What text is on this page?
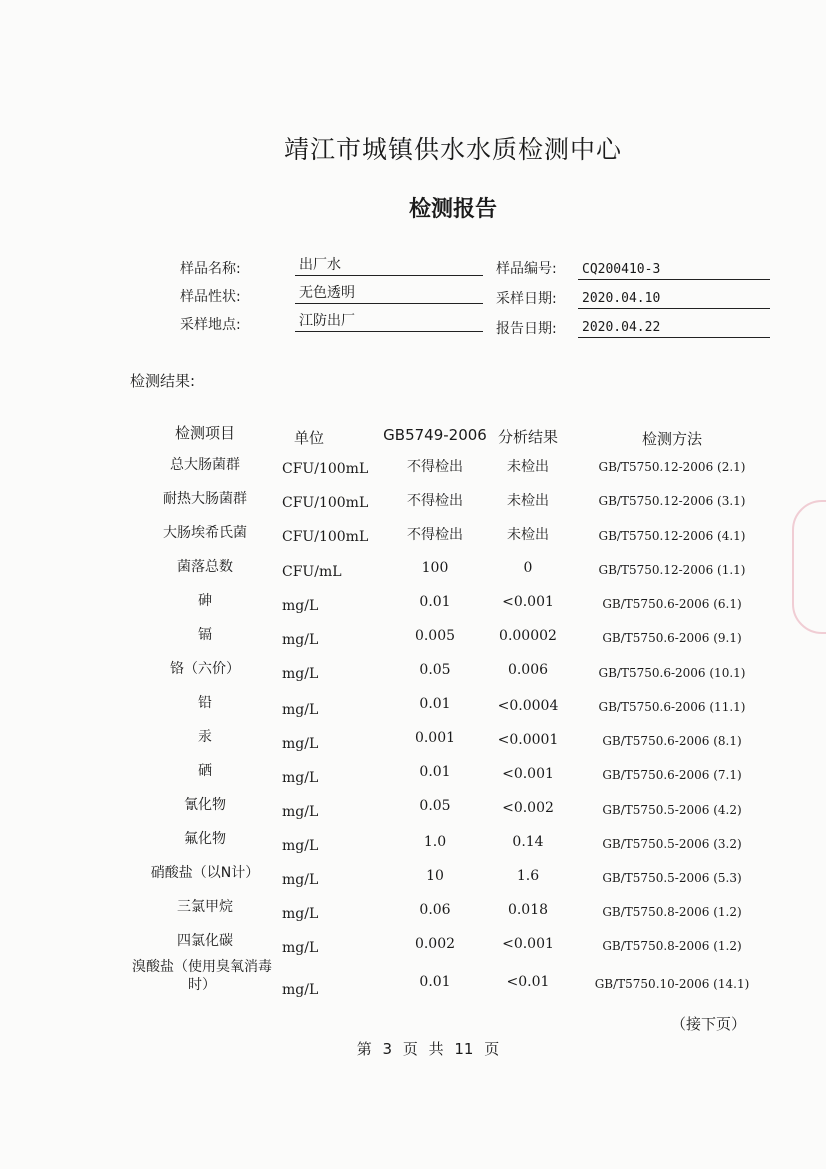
靖江市城镇供水水质检测中心
检测报告
样品名称:	出厂水	样品编号:	CQ200410-3
样品性状:	无色透明	采样日期:	2020.04.10
采样地点:	江防出厂	报告日期:	2020.04.22
检测结果:
检测项目	单位	GB5749-2006 分析结果	检测方法
总大肠菌群	CFU/100mL	不得检出	未检出	GB/T5750.12-2006 (2.1)
耐热大肠菌群	CFU/100mL	不得检出	未检出	GB/T5750.12-2006 (3.1)
大肠埃希氏菌	CFU/100mL	不得检出	未检出	GB/T5750.12-2006 (4.1)
菌落总数	CFU/mL	100	0	GB/T5750.12-2006 (1.1)
砷	mg/L	0.01	<0.001	GB/T5750.6-2006 (6.1)
镉	mg/L	0.005	0.00002	GB/T5750.6-2006 (9.1)
铬（六价）	mg/L	0.05	0.006	GB/T5750.6-2006 (10.1)
铅	mg/L	0.01	<0.0004	GB/T5750.6-2006 (11.1)
汞	mg/L	0.001	<0.0001	GB/T5750.6-2006 (8.1)
硒	mg/L	0.01	<0.001	GB/T5750.6-2006 (7.1)
氰化物	mg/L	0.05	<0.002	GB/T5750.5-2006 (4.2)
氟化物	mg/L	1.0	0.14	GB/T5750.5-2006 (3.2)
硝酸盐（以N计） mg/L	10	1.6	GB/T5750.5-2006 (5.3)
三氯甲烷	mg/L	0.06	0.018	GB/T5750.8-2006 (1.2)
四氯化碳	mg/L	0.002	<0.001	GB/T5750.8-2006 (1.2)
溴酸盐（使用臭氧消毒时）	mg/L	0.01	<0.01	GB/T5750.10-2006 (14.1)
（接下页）
第 3 页 共 11 页
